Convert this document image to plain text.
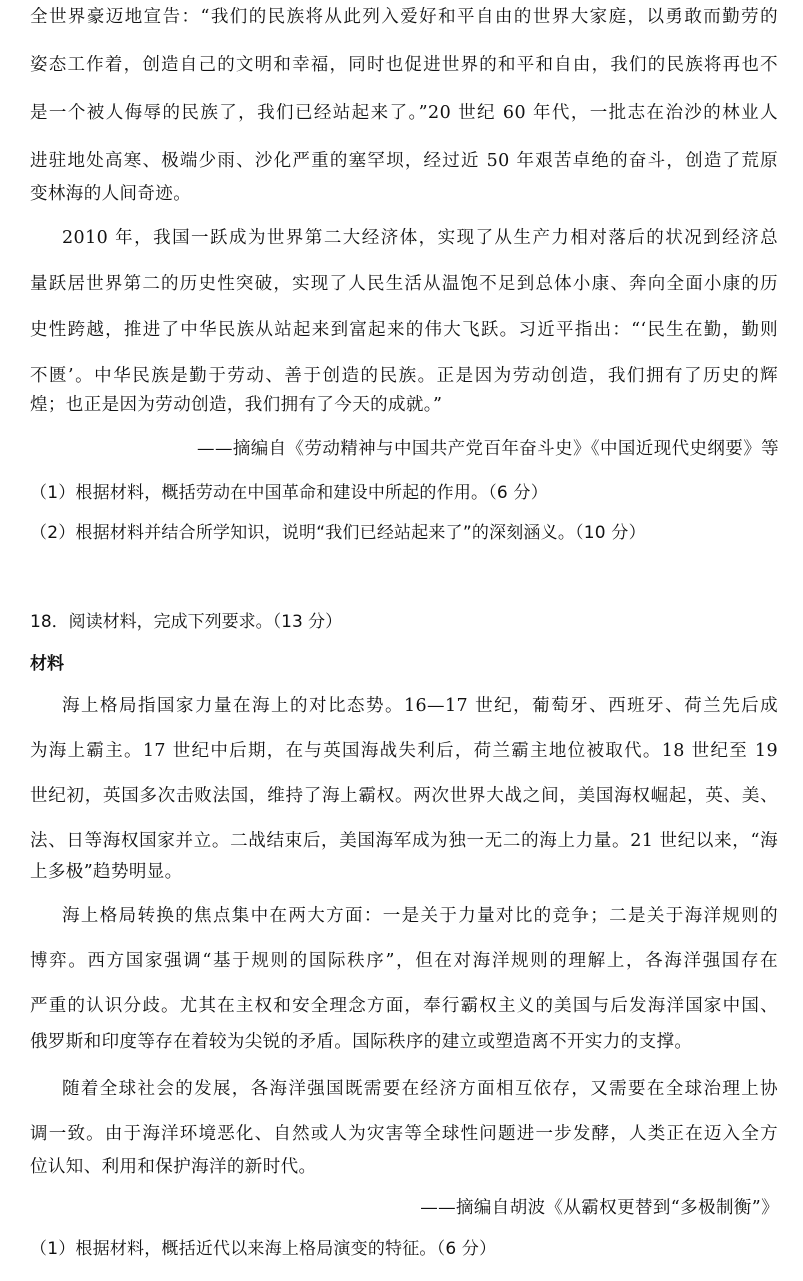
全世界豪迈地宣告：“我们的民族将从此列入爱好和平自由的世界大家庭，以勇敢而勤劳的
姿态工作着，创造自己的文明和幸福，同时也促进世界的和平和自由，我们的民族将再也不
是一个被人侮辱的民族了，我们已经站起来了。”20 世纪 60 年代，一批志在治沙的林业人
进驻地处高寒、极端少雨、沙化严重的塞罕坝，经过近 50 年艰苦卓绝的奋斗，创造了荒原
变林海的人间奇迹。
2010 年，我国一跃成为世界第二大经济体，实现了从生产力相对落后的状况到经济总
量跃居世界第二的历史性突破，实现了人民生活从温饱不足到总体小康、奔向全面小康的历
史性跨越，推进了中华民族从站起来到富起来的伟大飞跃。习近平指出：“‘民生在勤，勤则
不匮’。中华民族是勤于劳动、善于创造的民族。正是因为劳动创造，我们拥有了历史的辉
煌；也正是因为劳动创造，我们拥有了今天的成就。”
——摘编自《劳动精神与中国共产党百年奋斗史》《中国近现代史纲要》等
（1）根据材料，概括劳动在中国革命和建设中所起的作用。（6 分）
（2）根据材料并结合所学知识，说明“我们已经站起来了”的深刻涵义。（10 分）
18．阅读材料，完成下列要求。（13 分）
材料
海上格局指国家力量在海上的对比态势。16—17 世纪，葡萄牙、西班牙、荷兰先后成
为海上霸主。17 世纪中后期，在与英国海战失利后，荷兰霸主地位被取代。18 世纪至 19
世纪初，英国多次击败法国，维持了海上霸权。两次世界大战之间，美国海权崛起，英、美、
法、日等海权国家并立。二战结束后，美国海军成为独一无二的海上力量。21 世纪以来，“海
上多极”趋势明显。
海上格局转换的焦点集中在两大方面：一是关于力量对比的竞争；二是关于海洋规则的
博弈。西方国家强调“基于规则的国际秩序”，但在对海洋规则的理解上，各海洋强国存在
严重的认识分歧。尤其在主权和安全理念方面，奉行霸权主义的美国与后发海洋国家中国、
俄罗斯和印度等存在着较为尖锐的矛盾。国际秩序的建立或塑造离不开实力的支撑。
随着全球社会的发展，各海洋强国既需要在经济方面相互依存，又需要在全球治理上协
调一致。由于海洋环境恶化、自然或人为灾害等全球性问题进一步发酵，人类正在迈入全方
位认知、利用和保护海洋的新时代。
——摘编自胡波《从霸权更替到“多极制衡”》
（1）根据材料，概括近代以来海上格局演变的特征。（6 分）
